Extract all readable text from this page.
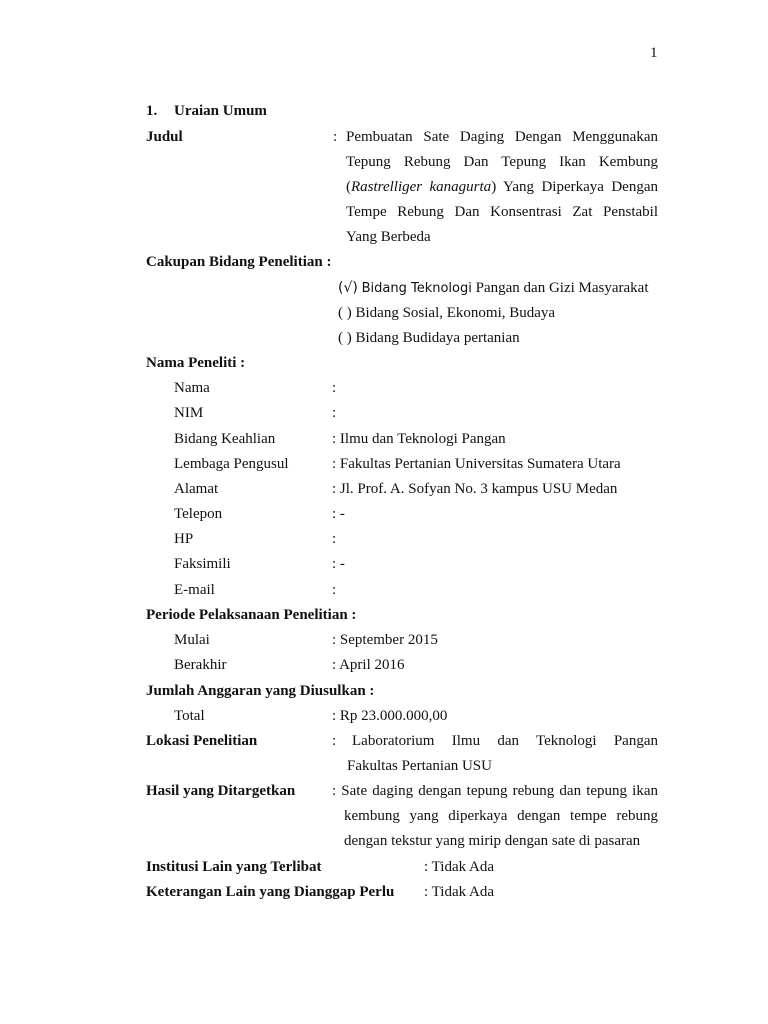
1
1. Uraian Umum
Judul	: Pembuatan Sate Daging Dengan Menggunakan
Tepung Rebung Dan Tepung Ikan Kembung
(Rastrelliger kanagurta) Yang Diperkaya Dengan
Tempe Rebung Dan Konsentrasi Zat Penstabil
Yang Berbeda
Cakupan Bidang Penelitian :
(√) Bidang Teknologi Pangan dan Gizi Masyarakat
( ) Bidang Sosial, Ekonomi, Budaya
( ) Bidang Budidaya pertanian
Nama Peneliti :
Nama	:
NIM	:
Bidang Keahlian	: Ilmu dan Teknologi Pangan
Lembaga Pengusul	: Fakultas Pertanian Universitas Sumatera Utara
Alamat	: Jl. Prof. A. Sofyan No. 3 kampus USU Medan
Telepon	: -
HP	:
Faksimili	: -
E-mail	:
Periode Pelaksanaan Penelitian :
Mulai	: September 2015
Berakhir	: April 2016
Jumlah Anggaran yang Diusulkan :
Total	: Rp 23.000.000,00
Lokasi Penelitian	: Laboratorium Ilmu dan Teknologi Pangan
Fakultas Pertanian USU
Hasil yang Ditargetkan : Sate daging dengan tepung rebung dan tepung ikan
kembung yang diperkaya dengan tempe rebung
dengan tekstur yang mirip dengan sate di pasaran
Institusi Lain yang Terlibat	: Tidak Ada
Keterangan Lain yang Dianggap Perlu : Tidak Ada
